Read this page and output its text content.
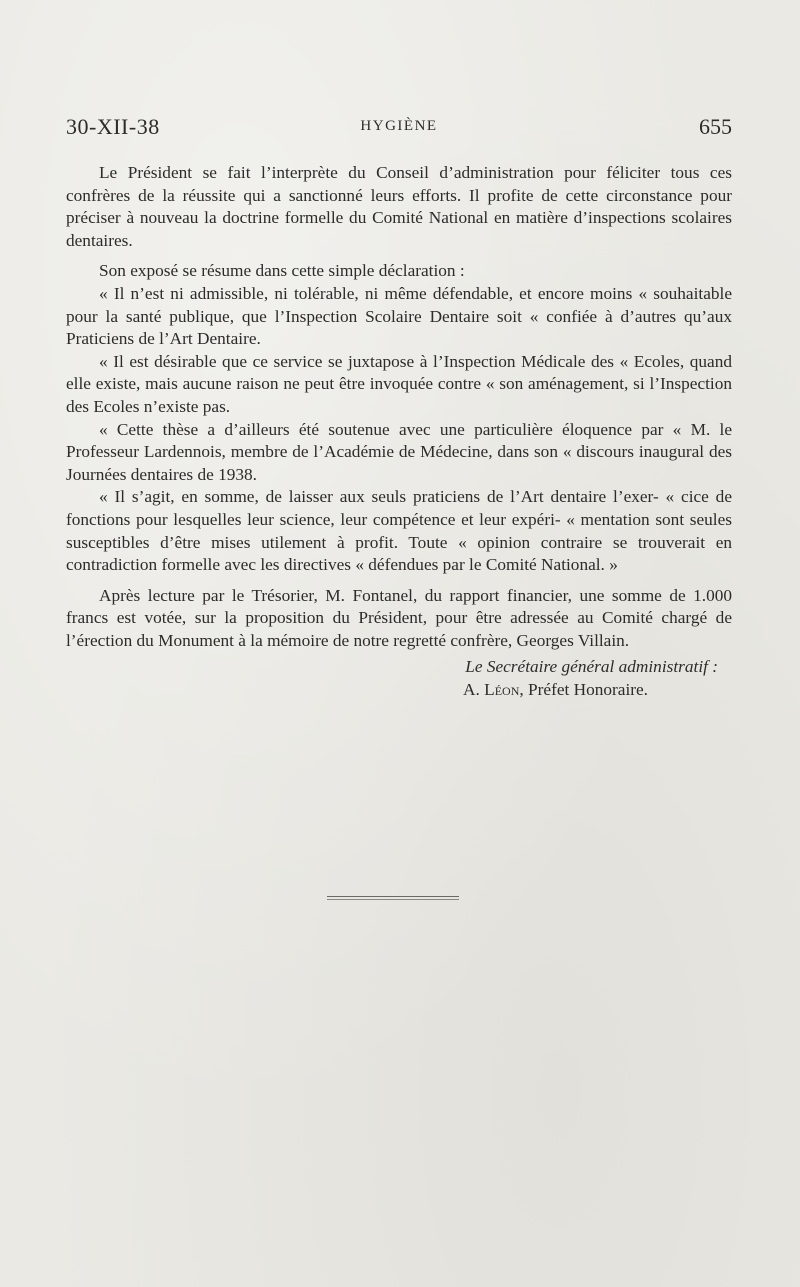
30-XII-38	HYGIÈNE	655

Le Président se fait l’interprète du Conseil d’administration pour féliciter tous ces confrères de la réussite qui a sanctionné leurs efforts. Il profite de cette circonstance pour préciser à nouveau la doctrine formelle du Comité National en matière d’inspections scolaires dentaires.

Son exposé se résume dans cette simple déclaration :

« Il n’est ni admissible, ni tolérable, ni même défendable, et encore moins « souhaitable pour la santé publique, que l’Inspection Scolaire Dentaire soit « confiée à d’autres qu’aux Praticiens de l’Art Dentaire.

« Il est désirable que ce service se juxtapose à l’Inspection Médicale des « Ecoles, quand elle existe, mais aucune raison ne peut être invoquée contre « son aménagement, si l’Inspection des Ecoles n’existe pas.

« Cette thèse a d’ailleurs été soutenue avec une particulière éloquence par « M. le Professeur Lardennois, membre de l’Académie de Médecine, dans son « discours inaugural des Journées dentaires de 1938.

« Il s’agit, en somme, de laisser aux seuls praticiens de l’Art dentaire l’exer- « cice de fonctions pour lesquelles leur science, leur compétence et leur expéri- « mentation sont seules susceptibles d’être mises utilement à profit. Toute « opinion contraire se trouverait en contradiction formelle avec les directives « défendues par le Comité National. »

Après lecture par le Trésorier, M. Fontanel, du rapport financier, une somme de 1.000 francs est votée, sur la proposition du Président, pour être adressée au Comité chargé de l’érection du Monument à la mémoire de notre regretté confrère, Georges Villain.

Le Secrétaire général administratif :
A. Léon, Préfet Honoraire.
